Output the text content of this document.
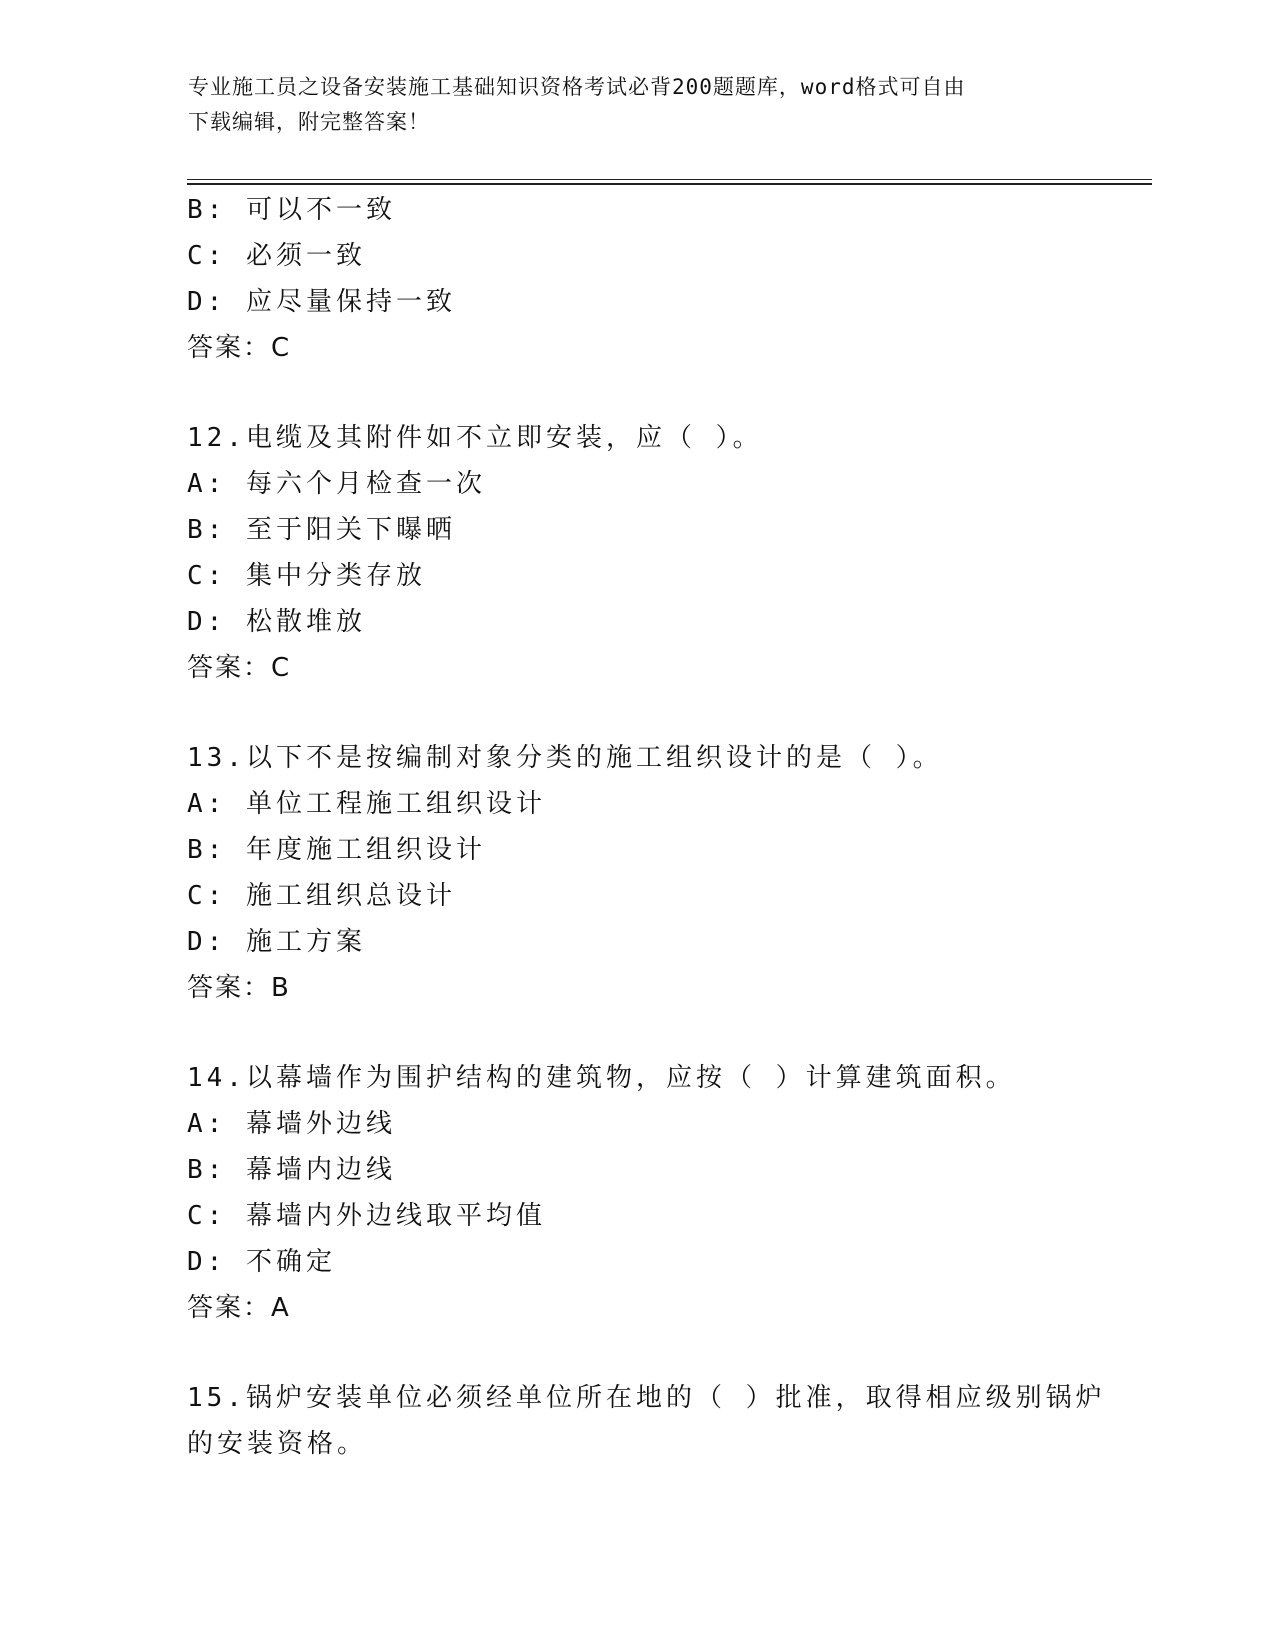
专业施工员之设备安装施工基础知识资格考试必背200题题库，word格式可自由
下载编辑，附完整答案！
B: 可以不一致
C: 必须一致
D: 应尽量保持一致
答案：C
12.电缆及其附件如不立即安装，应（ ）。
A: 每六个月检查一次
B: 至于阳关下曝晒
C: 集中分类存放
D: 松散堆放
答案：C
13.以下不是按编制对象分类的施工组织设计的是（ ）。
A: 单位工程施工组织设计
B: 年度施工组织设计
C: 施工组织总设计
D: 施工方案
答案：B
14.以幕墙作为围护结构的建筑物，应按（ ）计算建筑面积。
A: 幕墙外边线
B: 幕墙内边线
C: 幕墙内外边线取平均值
D: 不确定
答案：A
15.锅炉安装单位必须经单位所在地的（ ）批准，取得相应级别锅炉
的安装资格。
